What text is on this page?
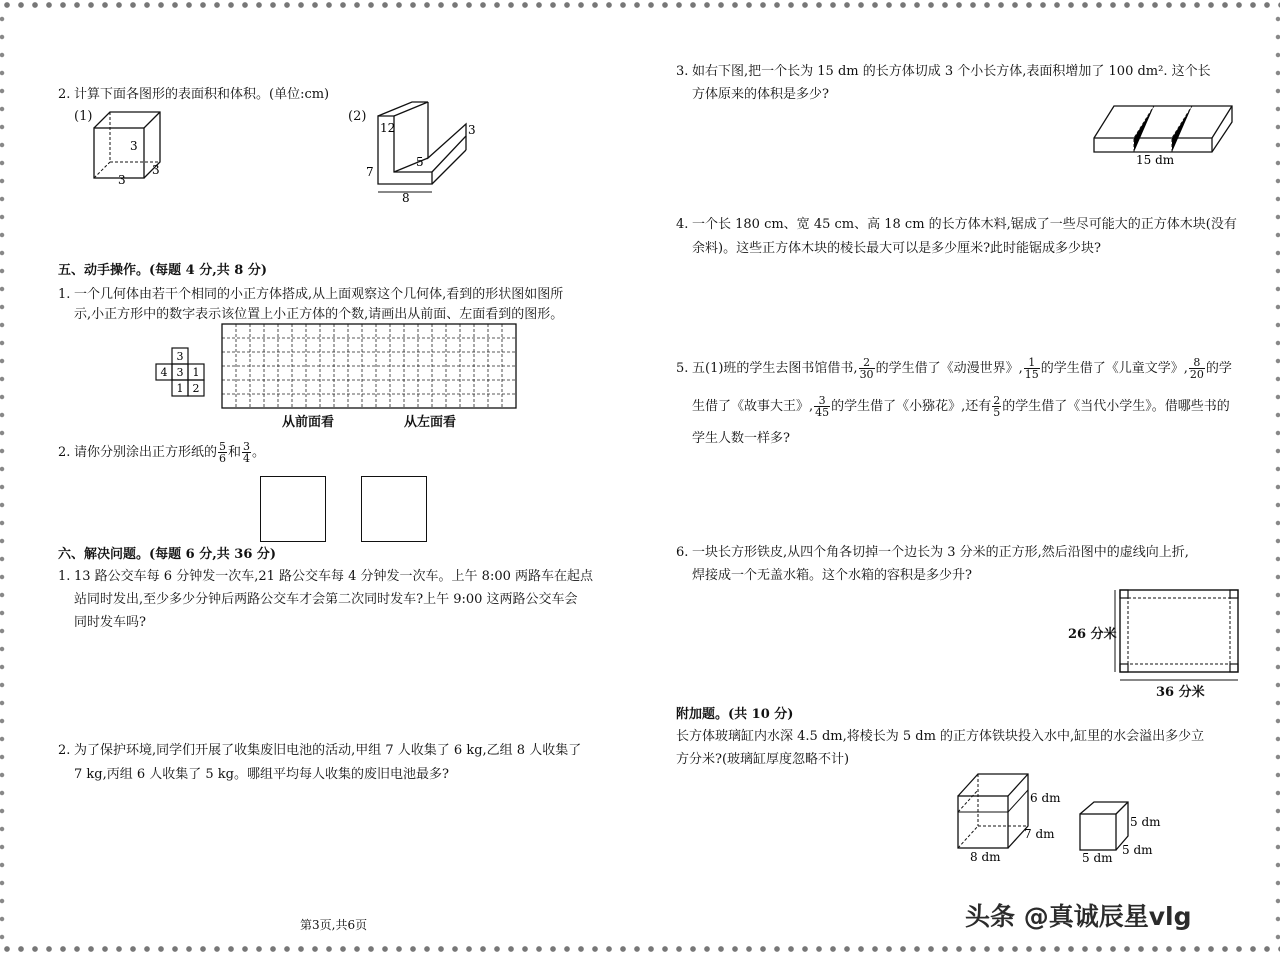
2. 计算下面各图形的表面积和体积。(单位:cm)
(1)
3
3
3
(2)
12	3
5
7
8
五、动手操作。(每题 4 分,共 8 分)
1. 一个几何体由若干个相同的小正方体搭成,从上面观察这个几何体,看到的形状图如图所
示,小正方形中的数字表示该位置上小正方体的个数,请画出从前面、左面看到的图形。
3
4 3 1
1 2
从前面看	从左面看
2. 请你分别涂出正方形纸的 $\frac{5}{6}$ 和 $\frac{3}{4}$ 。
六、解决问题。(每题 6 分,共 36 分)
1. 13 路公交车每 6 分钟发一次车,21 路公交车每 4 分钟发一次车。上午 8:00 两路车在起点
站同时发出,至少多少分钟后两路公交车才会第二次同时发车?上午 9:00 这两路公交车会
同时发车吗?
2. 为了保护环境,同学们开展了收集废旧电池的活动,甲组 7 人收集了 6 kg,乙组 8 人收集了
7 kg,丙组 6 人收集了 5 kg。哪组平均每人收集的废旧电池最多?
第3页,共6页
3. 如右下图,把一个长为 15 dm 的长方体切成 3 个小长方体,表面积增加了 100 dm². 这个长
方体原来的体积是多少?
15 dm
4. 一个长 180 cm、宽 45 cm、高 18 cm 的长方体木料,锯成了一些尽可能大的正方体木块(没有
余料)。这些正方体木块的棱长最大可以是多少厘米?此时能锯成多少块?
5. 五(1)班的学生去图书馆借书, $\frac{2}{30}$ 的学生借了《动漫世界》, $\frac{1}{15}$ 的学生借了《儿童文学》, $\frac{8}{20}$ 的学
生借了《故事大王》, $\frac{3}{45}$ 的学生借了《小猕花》,还有 $\frac{2}{5}$ 的学生借了《当代小学生》。借哪些书的
学生人数一样多?
6. 一块长方形铁皮,从四个角各切掉一个边长为 3 分米的正方形,然后沿图中的虚线向上折,
焊接成一个无盖水箱。这个水箱的容积是多少升?
26 分米
36 分米
附加题。(共 10 分)
长方体玻璃缸内水深 4.5 dm,将棱长为 5 dm 的正方体铁块投入水中,缸里的水会溢出多少立
方分米?(玻璃缸厚度忽略不计)
6 dm
7 dm
8 dm
5 dm
5 dm
5 dm
头条 @真诚辰星vlg
